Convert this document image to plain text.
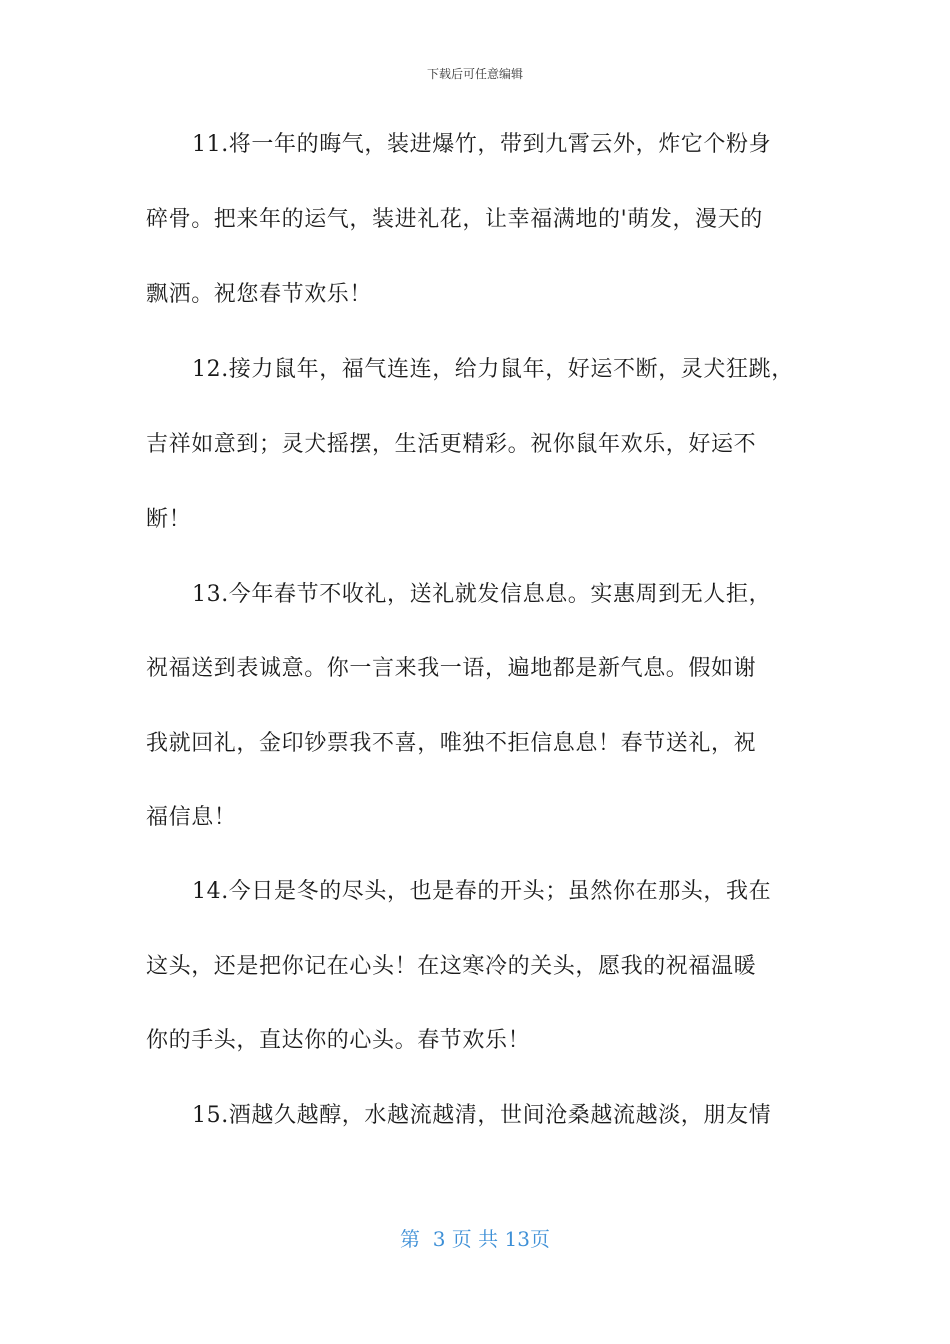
下载后可任意编辑
11.将一年的晦气，装进爆竹，带到九霄云外，炸它个粉身
碎骨。把来年的运气，装进礼花，让幸福满地的'萌发，漫天的
飘洒。祝您春节欢乐！
12.接力鼠年，福气连连，给力鼠年，好运不断，灵犬狂跳，
吉祥如意到；灵犬摇摆，生活更精彩。祝你鼠年欢乐，好运不
断！
13.今年春节不收礼，送礼就发信息息。实惠周到无人拒，
祝福送到表诚意。你一言来我一语，遍地都是新气息。假如谢
我就回礼，金印钞票我不喜，唯独不拒信息息！春节送礼，祝
福信息！
14.今日是冬的尽头，也是春的开头；虽然你在那头，我在
这头，还是把你记在心头！在这寒冷的关头，愿我的祝福温暖
你的手头，直达你的心头。春节欢乐！
15.酒越久越醇，水越流越清，世间沧桑越流越淡，朋友情
第  3 页 共 13页
